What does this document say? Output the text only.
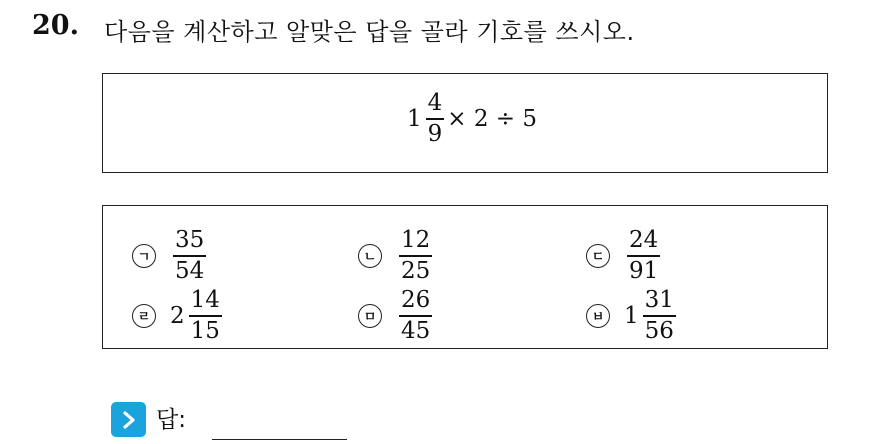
20. 다음을 계산하고 알맞은 답을 골라 기호를 쓰시오.
$1 \frac{4}{9} \times 2 \div 5$
ㄱ $\frac{35}{54}$	ㄴ $\frac{12}{25}$	ㄷ $\frac{24}{91}$
ㄹ $2 \frac{14}{15}$	ㅁ $\frac{26}{45}$	ㅂ $1 \frac{31}{56}$
답:
